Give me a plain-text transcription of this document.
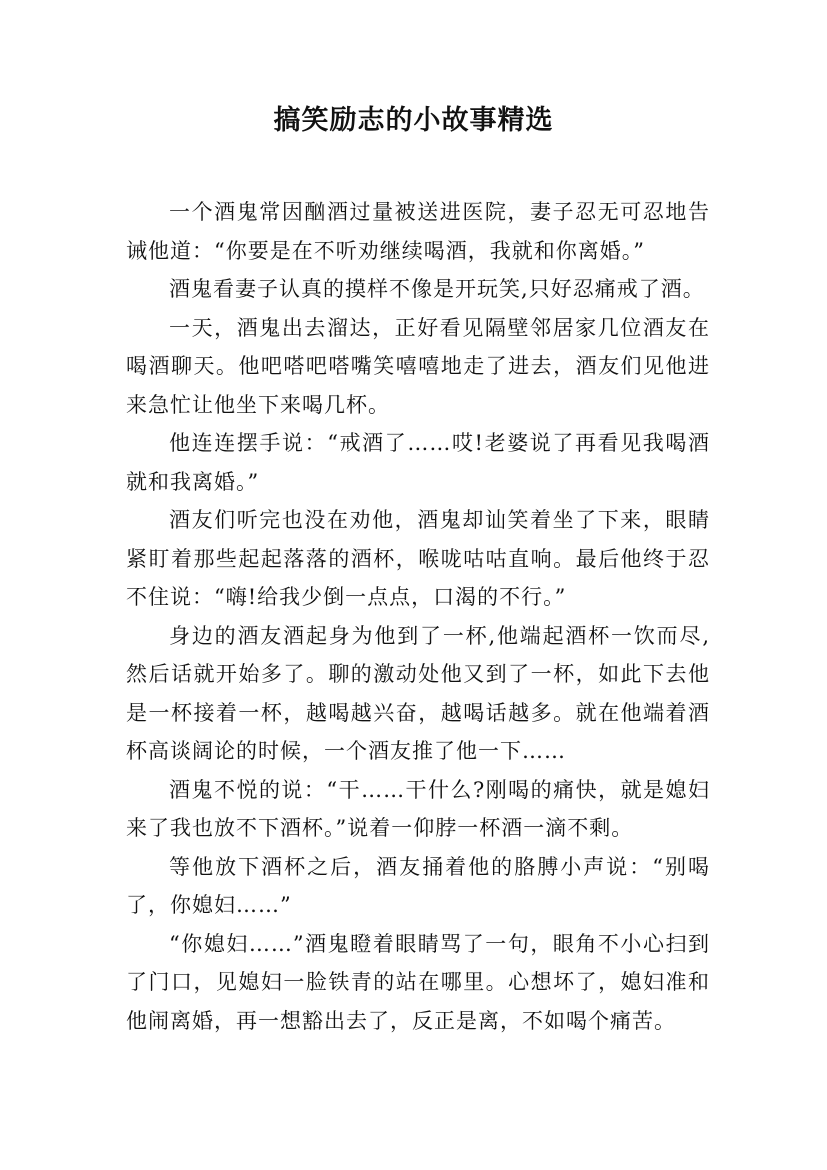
搞笑励志的小故事精选

一个酒鬼常因酗酒过量被送进医院，妻子忍无可忍地告诫他道：“你要是在不听劝继续喝酒，我就和你离婚。”

酒鬼看妻子认真的摸样不像是开玩笑,只好忍痛戒了酒。

一天，酒鬼出去溜达，正好看见隔壁邻居家几位酒友在喝酒聊天。他吧嗒吧嗒嘴笑嘻嘻地走了进去，酒友们见他进来急忙让他坐下来喝几杯。

他连连摆手说：“戒酒了……哎!老婆说了再看见我喝酒就和我离婚。”

酒友们听完也没在劝他，酒鬼却讪笑着坐了下来，眼睛紧盯着那些起起落落的酒杯，喉咙咕咕直响。最后他终于忍不住说：“嗨!给我少倒一点点，口渴的不行。”

身边的酒友酒起身为他到了一杯,他端起酒杯一饮而尽,然后话就开始多了。聊的激动处他又到了一杯，如此下去他是一杯接着一杯，越喝越兴奋，越喝话越多。就在他端着酒杯高谈阔论的时候，一个酒友推了他一下……

酒鬼不悦的说：“干……干什么?刚喝的痛快，就是媳妇来了我也放不下酒杯。”说着一仰脖一杯酒一滴不剩。

等他放下酒杯之后，酒友捅着他的胳膊小声说：“别喝了，你媳妇……”

“你媳妇……”酒鬼瞪着眼睛骂了一句，眼角不小心扫到了门口，见媳妇一脸铁青的站在哪里。心想坏了，媳妇准和他闹离婚，再一想豁出去了，反正是离，不如喝个痛苦。
